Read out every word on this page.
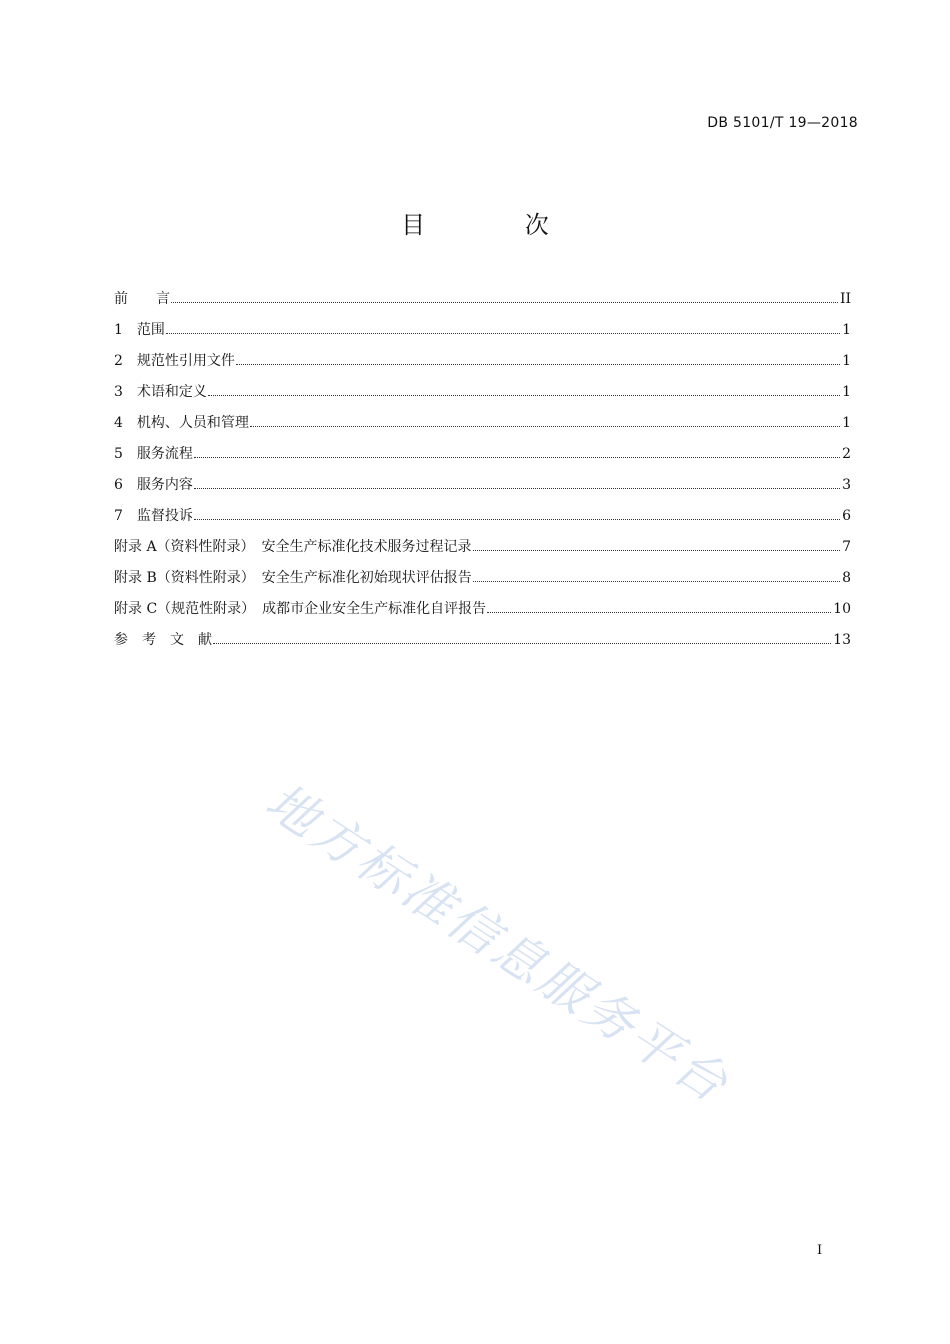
DB 5101/T 19—2018
目 次
前　　言	II
1　范围	1
2　规范性引用文件	1
3　术语和定义	1
4　机构、人员和管理	1
5　服务流程	2
6　服务内容	3
7　监督投诉	6
附录 A（资料性附录）　安全生产标准化技术服务过程记录	7
附录 B（资料性附录）　安全生产标准化初始现状评估报告	8
附录 C（规范性附录）　成都市企业安全生产标准化自评报告	10
参　考　文　献	13
地方标准信息服务平台
I
